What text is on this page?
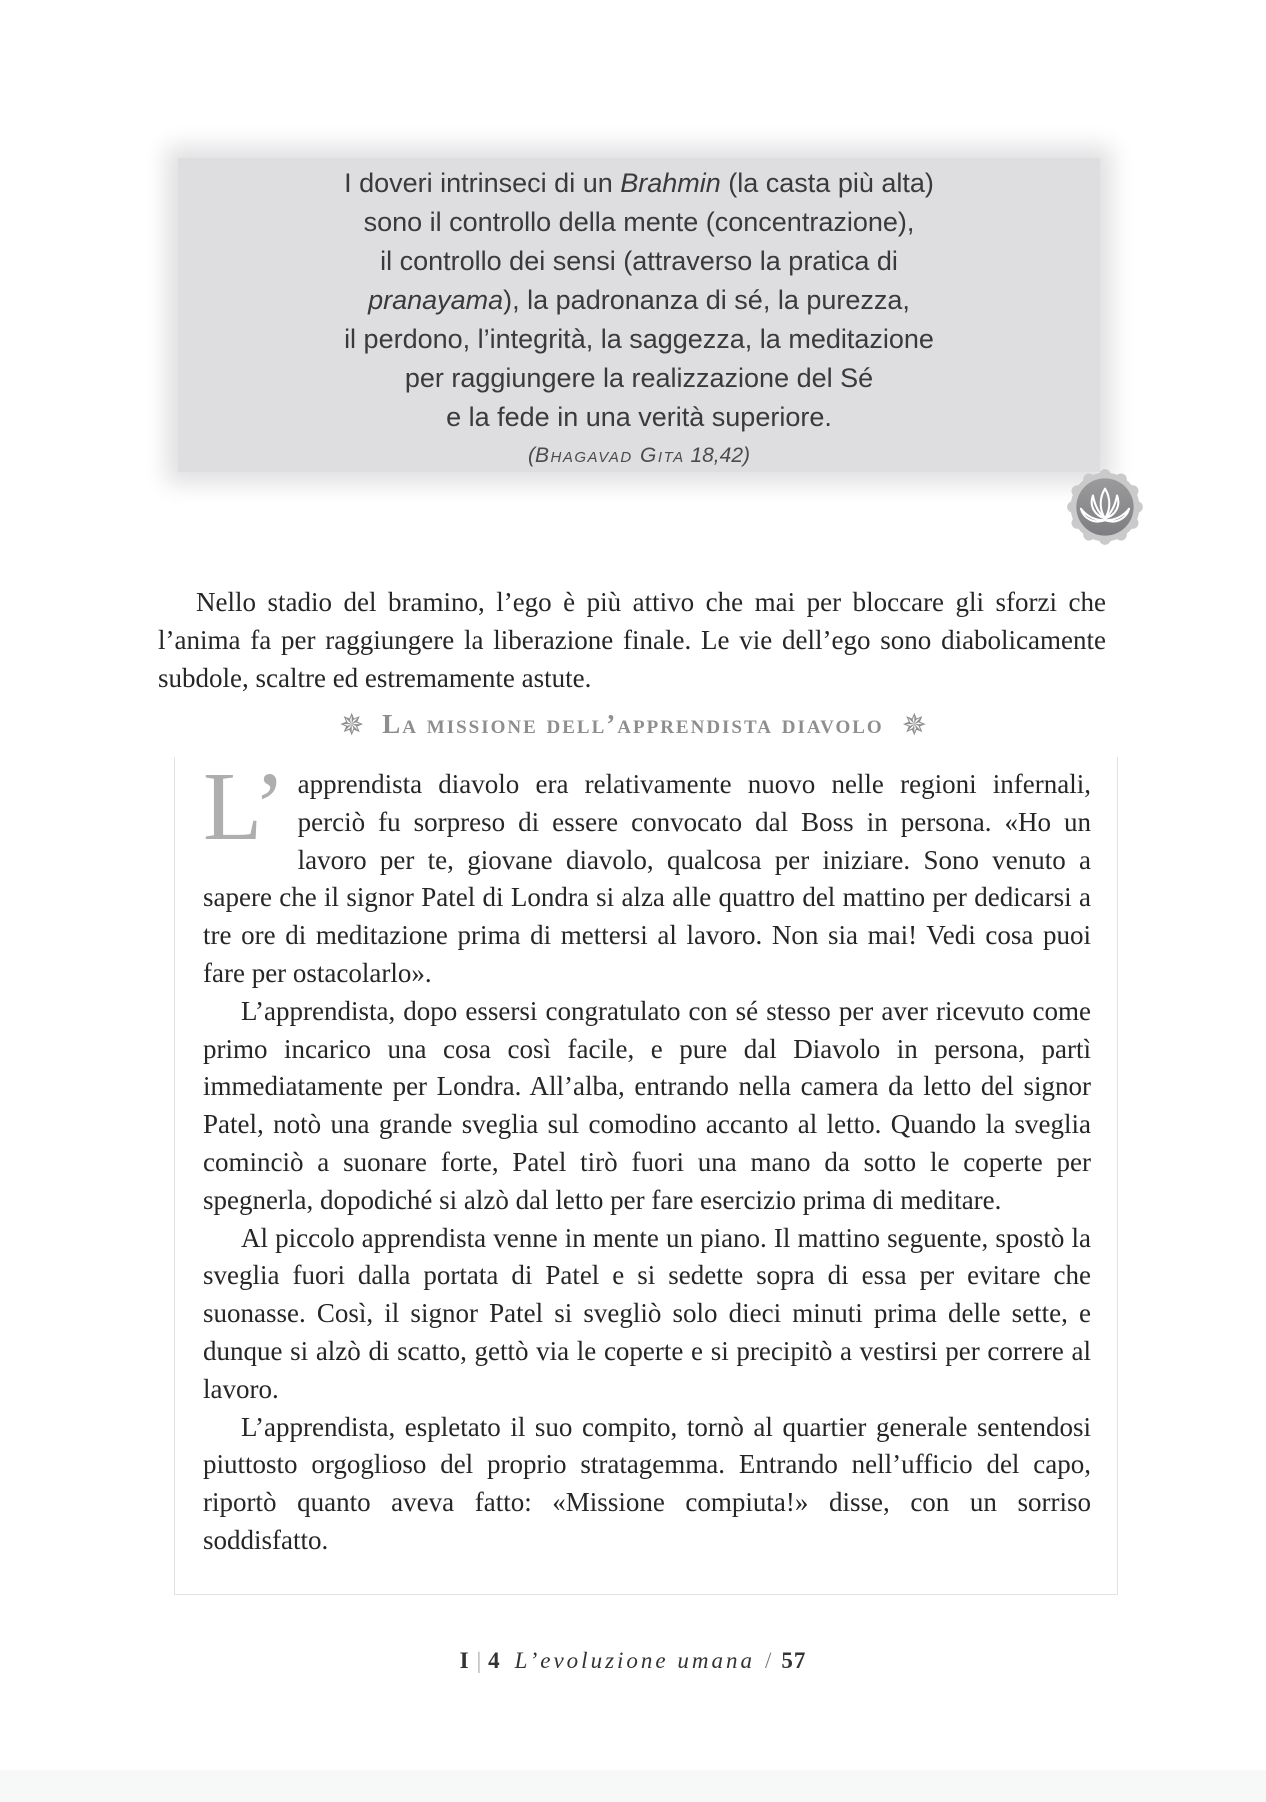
I doveri intrinseci di un Brahmin (la casta più alta)
sono il controllo della mente (concentrazione),
il controllo dei sensi (attraverso la pratica di
pranayama), la padronanza di sé, la purezza,
il perdono, l’integrità, la saggezza, la meditazione
per raggiungere la realizzazione del Sé
e la fede in una verità superiore.
(Bhagavad Gita 18,42)

Nello stadio del bramino, l’ego è più attivo che mai per bloccare gli sforzi che l’anima fa per raggiungere la liberazione finale. Le vie dell’ego sono diabolicamente subdole, scaltre ed estremamente astute.

✵ La missione dell’apprendista diavolo ✵

L’ apprendista diavolo era relativamente nuovo nelle regioni infernali, perciò fu sorpreso di essere convocato dal Boss in persona. «Ho un lavoro per te, giovane diavolo, qualcosa per iniziare. Sono venuto a sapere che il signor Patel di Londra si alza alle quattro del mattino per dedicarsi a tre ore di meditazione prima di mettersi al lavoro. Non sia mai! Vedi cosa puoi fare per ostacolarlo».

L’apprendista, dopo essersi congratulato con sé stesso per aver ricevuto come primo incarico una cosa così facile, e pure dal Diavolo in persona, partì immediatamente per Londra. All’alba, entrando nella camera da letto del signor Patel, notò una grande sveglia sul comodino accanto al letto. Quando la sveglia cominciò a suonare forte, Patel tirò fuori una mano da sotto le coperte per spegnerla, dopodiché si alzò dal letto per fare esercizio prima di meditare.

Al piccolo apprendista venne in mente un piano. Il mattino seguente, spostò la sveglia fuori dalla portata di Patel e si sedette sopra di essa per evitare che suonasse. Così, il signor Patel si svegliò solo dieci minuti prima delle sette, e dunque si alzò di scatto, gettò via le coperte e si precipitò a vestirsi per correre al lavoro.

L’apprendista, espletato il suo compito, tornò al quartier generale sentendosi piuttosto orgoglioso del proprio stratagemma. Entrando nell’ufficio del capo, riportò quanto aveva fatto: «Missione compiuta!» disse, con un sorriso soddisfatto.

I | 4 L’evoluzione umana / 57
